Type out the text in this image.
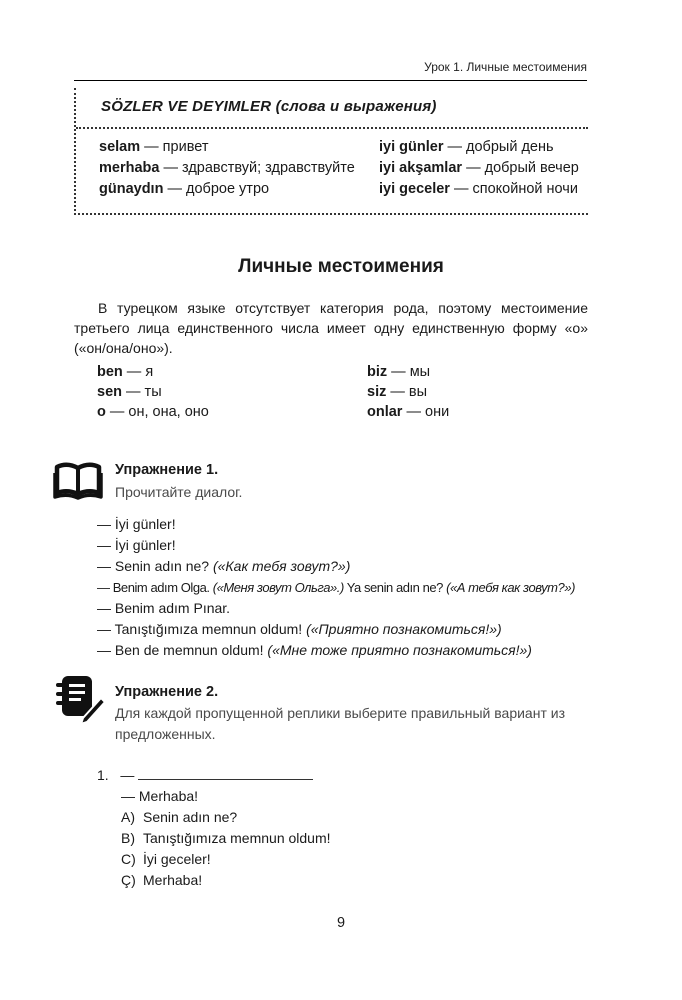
Урок 1. Личные местоимения
SÖZLER VE DEYIMLER (слова и выражения)
selam — привет
merhaba — здравствуй; здравствуйте
günaydın — доброе утро
iyi günler — добрый день
iyi akşamlar — добрый вечер
iyi geceler — спокойной ночи
Личные местоимения
В турецком языке отсутствует категория рода, поэтому местоимение третьего лица единственного числа имеет одну единственную форму «o» («он/она/оно»).
ben — я
sen — ты
o — он, она, оно
biz — мы
siz — вы
onlar — они
Упражнение 1.
Прочитайте диалог.
— İyi günler!
— İyi günler!
— Senin adın ne? («Как тебя зовут?»)
— Benim adım Olga. («Меня зовут Ольга».) Ya senin adın ne? («А тебя как зовут?»)
— Benim adım Pınar.
— Tanıştığımıza memnun oldum! («Приятно познакомиться!»)
— Ben de memnun oldum! («Мне тоже приятно познакомиться!»)
Упражнение 2.
Для каждой пропущенной реплики выберите правильный вариант из предложенных.
1. —
— Merhaba!
A) Senin adın ne?
B) Tanıştığımıza memnun oldum!
C) İyi geceler!
Ç) Merhaba!
9
